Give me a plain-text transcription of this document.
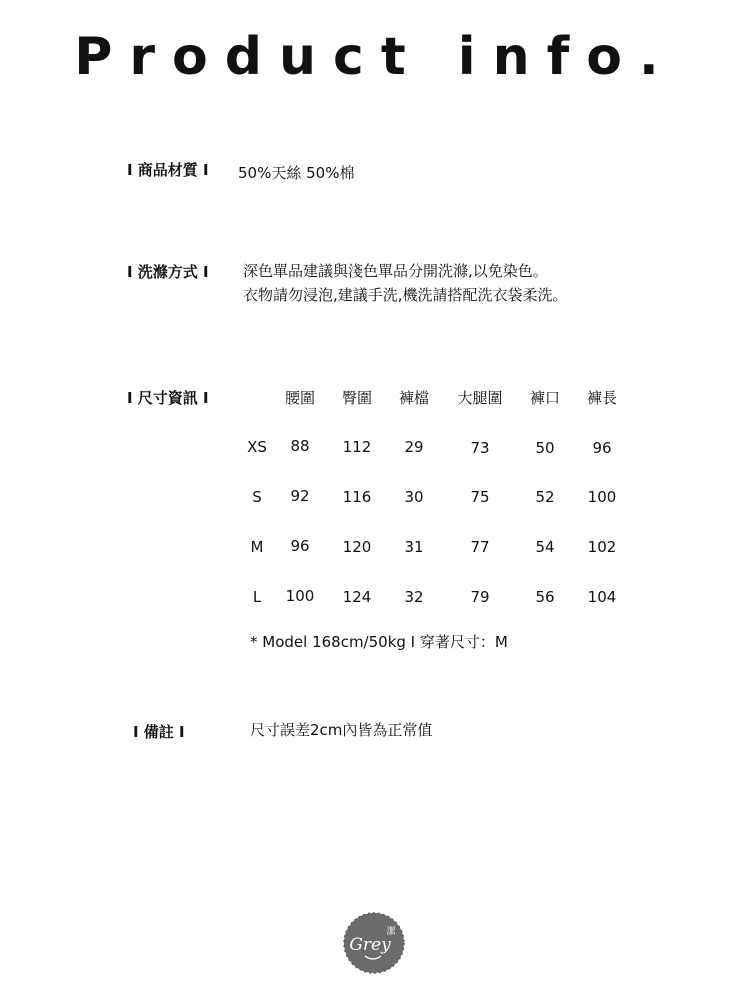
Product info.
I 商品材質 I 50%天絲 50%棉
I 洗滌方式 I 深色單品建議與淺色單品分開洗滌,以免染色。
衣物請勿浸泡,建議手洗,機洗請搭配洗衣袋柔洗。
I 尺寸資訊 I	腰圍 臀圍 褲檔 大腿圍 褲口 褲長
XS 88 112 29	73	50	96
S 92 116 30	75	52 100
M 96 120 31	77	54 102
L 100 124 32	79	56 104
* Model 168cm/50kg I 穿著尺寸：M
I 備註 I	尺寸誤差2cm內皆為正常值
Grey
潔
